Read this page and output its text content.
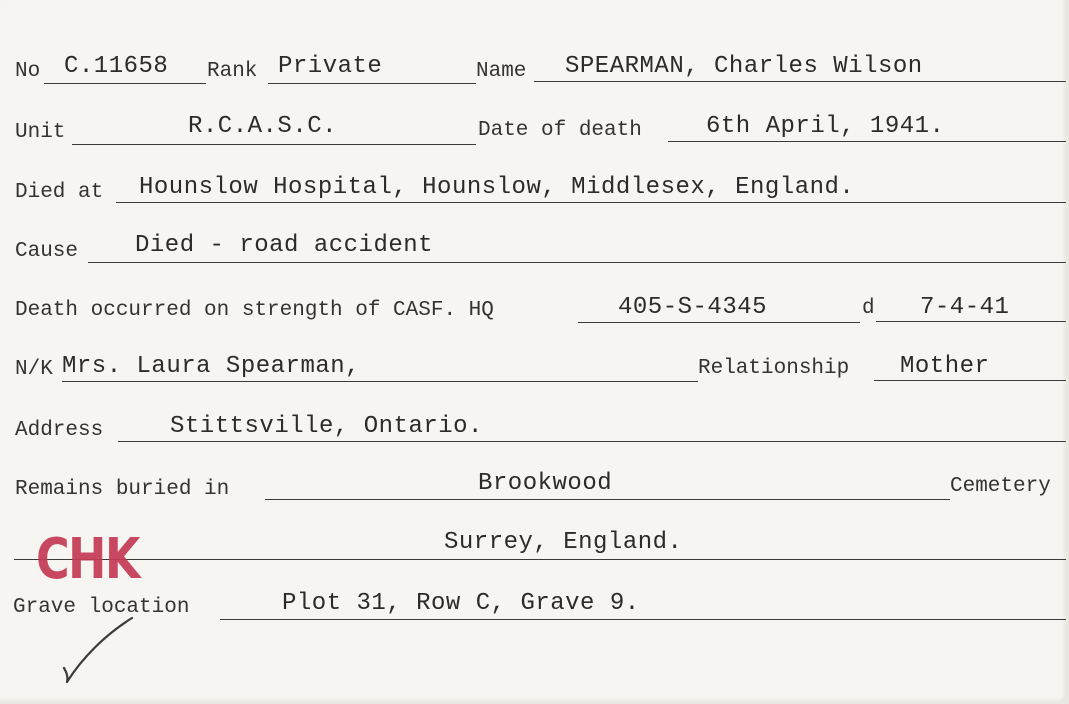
No C.11658 Rank Private	Name SPEARMAN, Charles Wilson
Unit	R.C.A.S.C.	Date of death	6th April, 1941.
Died at Hounslow Hospital, Hounslow, Middlesex, England.
Cause Died - road accident
Death occurred on strength of CASF. HQ	405-S-4345	d 7-4-41
N/K Mrs. Laura Spearman,	Relationship Mother
Address	Stittsville, Ontario.
Remains buried in	Brookwood	Cemetery
Surrey, England.
CHK
Grave location	Plot 31, Row C, Grave 9.
